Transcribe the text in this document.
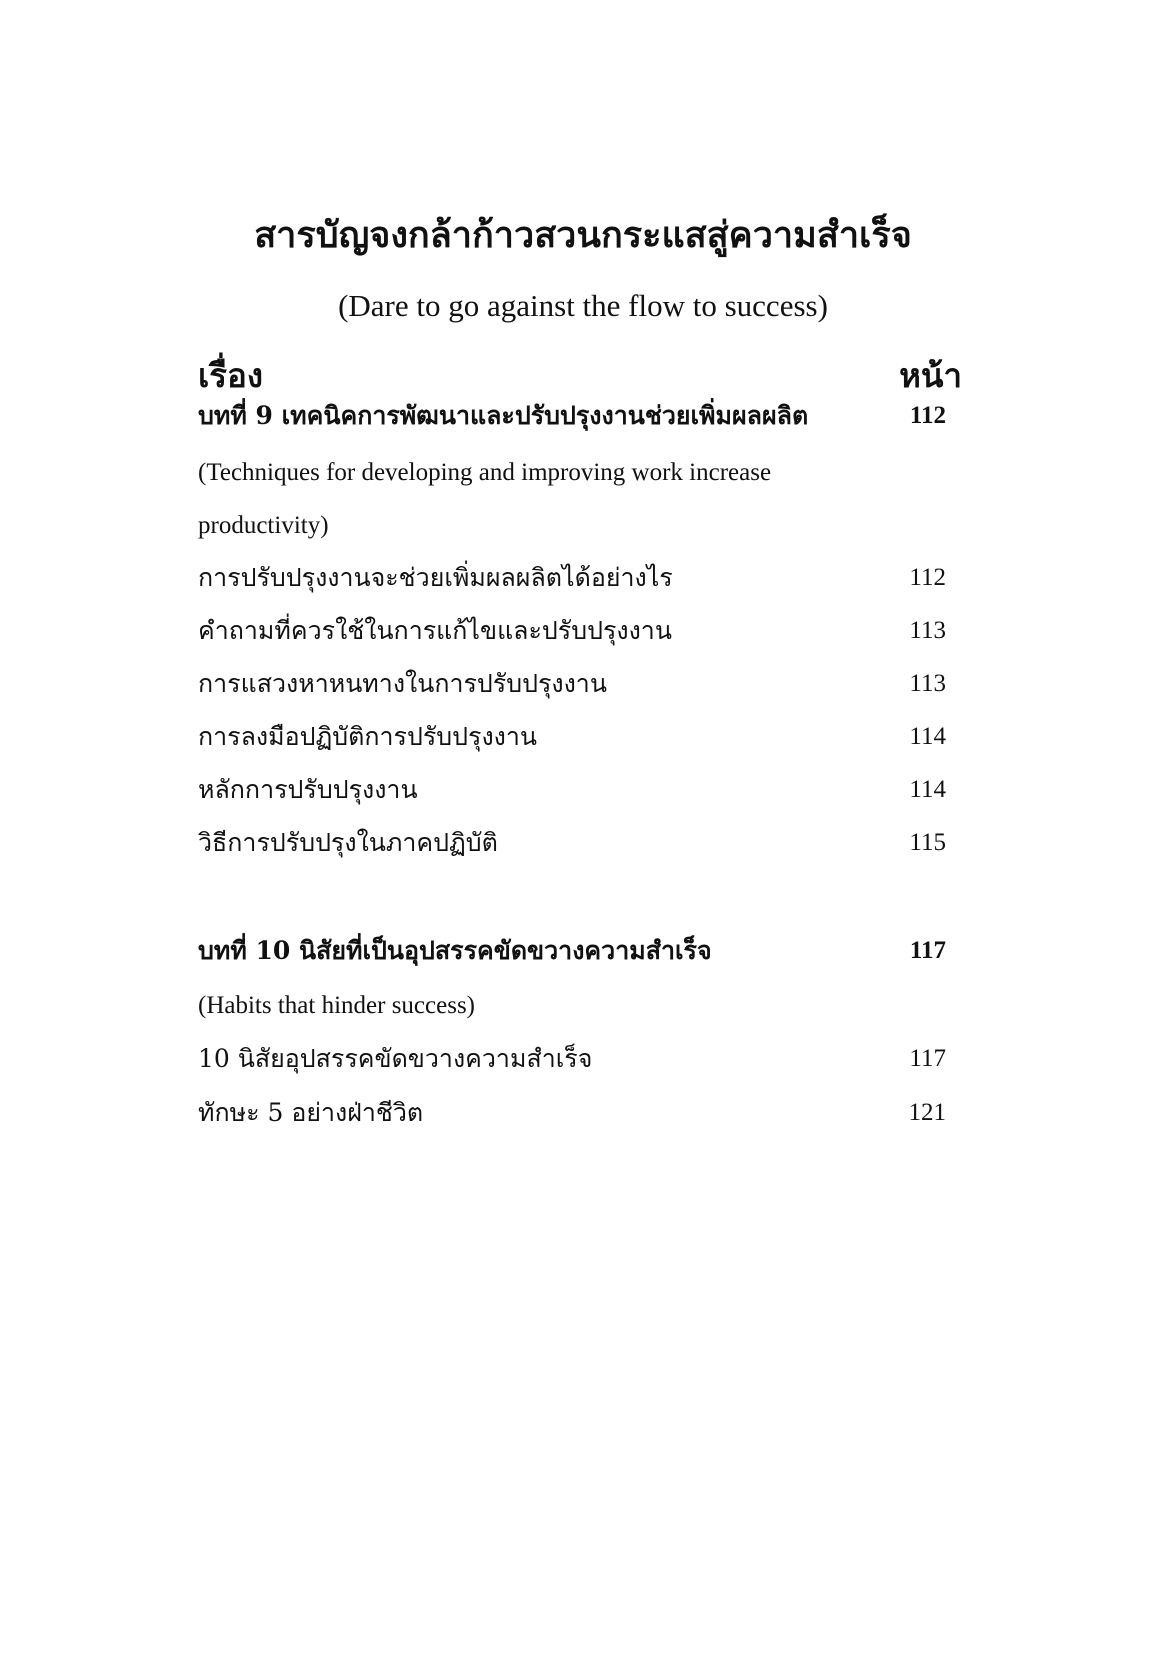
สารบัญจงกล้าก้าวสวนกระแสสู่ความสำเร็จ
(Dare to go against the flow to success)
เรื่อง	หน้า
บทที่ 9 เทคนิคการพัฒนาและปรับปรุงงานช่วยเพิ่มผลผลิต	112
(Techniques for developing and improving work increase
productivity)
การปรับปรุงงานจะช่วยเพิ่มผลผลิตได้อย่างไร	112
คำถามที่ควรใช้ในการแก้ไขและปรับปรุงงาน	113
การแสวงหาหนทางในการปรับปรุงงาน	113
การลงมือปฏิบัติการปรับปรุงงาน	114
หลักการปรับปรุงงาน	114
วิธีการปรับปรุงในภาคปฏิบัติ	115
บทที่ 10 นิสัยที่เป็นอุปสรรคขัดขวางความสำเร็จ	117
(Habits that hinder success)
10 นิสัยอุปสรรคขัดขวางความสำเร็จ	117
ทักษะ 5 อย่างฝ่าชีวิต	121
